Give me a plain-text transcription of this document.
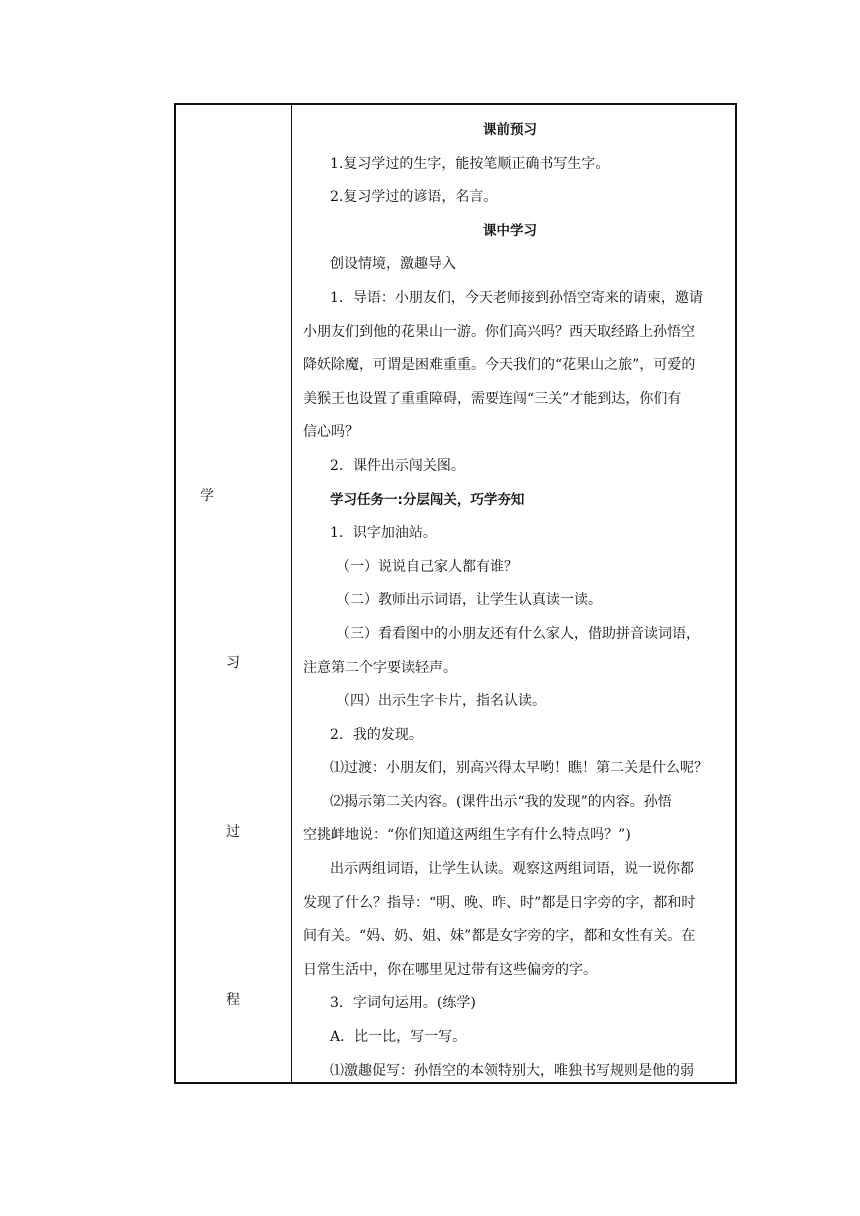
学
习
过
程
课前预习
1.复习学过的生字，能按笔顺正确书写生字。
2.复习学过的谚语，名言。
课中学习
创设情境，激趣导入
1．导语：小朋友们，今天老师接到孙悟空寄来的请柬，邀请
小朋友们到他的花果山一游。你们高兴吗？西天取经路上孙悟空
降妖除魔，可谓是困难重重。今天我们的“花果山之旅”，可爱的
美猴王也设置了重重障碍，需要连闯“三关”才能到达，你们有
信心吗？
2．课件出示闯关图。
学习任务一:分层闯关，巧学夯知
1．识字加油站。
（一）说说自己家人都有谁？
（二）教师出示词语，让学生认真读一读。
（三）看看图中的小朋友还有什么家人，借助拼音读词语，
注意第二个字要读轻声。
（四）出示生字卡片，指名认读。
2．我的发现。
⑴过渡：小朋友们，别高兴得太早哟！瞧！第二关是什么呢？
⑵揭示第二关内容。(课件出示“我的发现”的内容。孙悟
空挑衅地说：“你们知道这两组生字有什么特点吗？”)
出示两组词语，让学生认读。观察这两组词语，说一说你都
发现了什么？指导：“明、晚、昨、时”都是日字旁的字，都和时
间有关。“妈、奶、姐、妹”都是女字旁的字，都和女性有关。在
日常生活中，你在哪里见过带有这些偏旁的字。
3．字词句运用。(练学)
A．比一比，写一写。
⑴激趣促写：孙悟空的本领特别大，唯独书写规则是他的弱
